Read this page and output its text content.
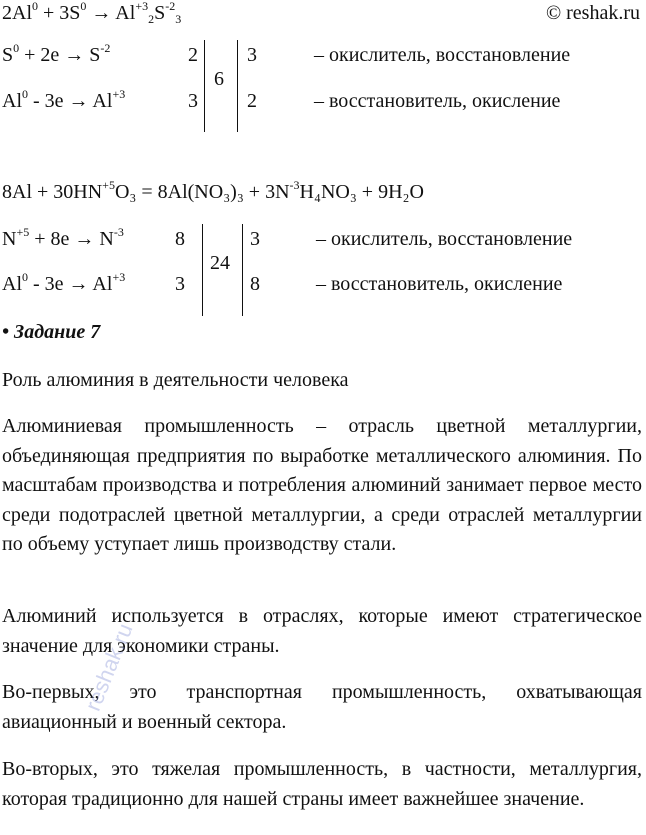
$2Al^0 + 3S^0 \to Al^{+3}_2S^{-2}_3$	© reshak.ru
$S^0 + 2e \to S^{-2}$	2 3	– окислитель, восстановление
$Al^0 - 3e \to Al^{+3}$	3 2	– восстановитель, окисление
6
$8Al + 30HN^{+5}O_3 = 8Al(NO_3)_3 + 3N^{-3}H_4NO_3 + 9H_2O$
$N^{+5} + 8e \to N^{-3}$	8	3	– окислитель, восстановление
$Al^0 - 3e \to Al^{+3}$ 3	8	– восстановитель, окисление
24
• Задание 7
Роль алюминия в деятельности человека
Алюминиевая промышленность – отрасль цветной металлургии, объединяющая предприятия по выработке металлического алюминия. По масштабам производства и потребления алюминий занимает первое место среди подотраслей цветной металлургии, а среди отраслей металлургии по объему уступает лишь производству стали.
Алюминий используется в отраслях, которые имеют стратегическое значение для экономики страны.
Во-первых, это транспортная промышленность, охватывающая авиационный и военный сектора.
Во-вторых, это тяжелая промышленность, в частности, металлургия, которая традиционно для нашей страны имеет важнейшее значение.
reshak.ru
